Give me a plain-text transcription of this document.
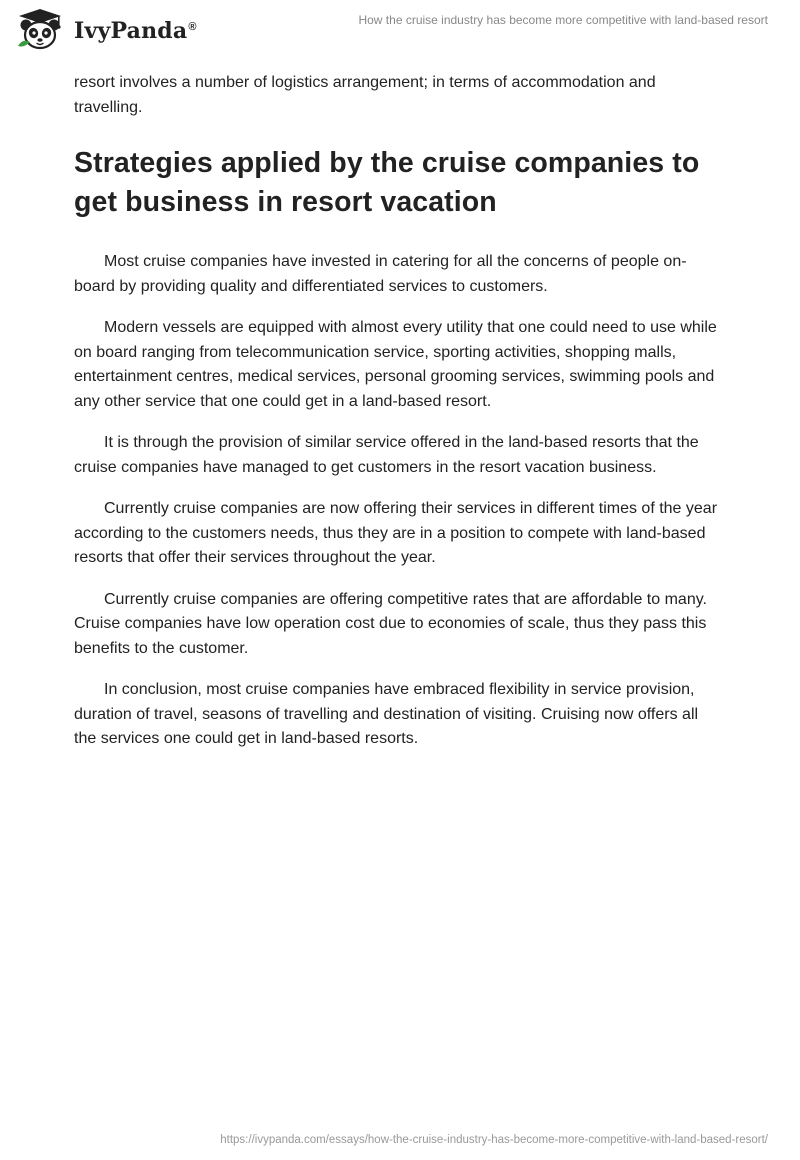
IvyPanda®	How the cruise industry has become more competitive with land-based resort

resort involves a number of logistics arrangement; in terms of accommodation and travelling.

Strategies applied by the cruise companies to get business in resort vacation

Most cruise companies have invested in catering for all the concerns of people on-board by providing quality and differentiated services to customers.

Modern vessels are equipped with almost every utility that one could need to use while on board ranging from telecommunication service, sporting activities, shopping malls, entertainment centres, medical services, personal grooming services, swimming pools and any other service that one could get in a land-based resort.

It is through the provision of similar service offered in the land-based resorts that the cruise companies have managed to get customers in the resort vacation business.

Currently cruise companies are now offering their services in different times of the year according to the customers needs, thus they are in a position to compete with land-based resorts that offer their services throughout the year.

Currently cruise companies are offering competitive rates that are affordable to many. Cruise companies have low operation cost due to economies of scale, thus they pass this benefits to the customer.

In conclusion, most cruise companies have embraced flexibility in service provision, duration of travel, seasons of travelling and destination of visiting. Cruising now offers all the services one could get in land-based resorts.

https://ivypanda.com/essays/how-the-cruise-industry-has-become-more-competitive-with-land-based-resort/
